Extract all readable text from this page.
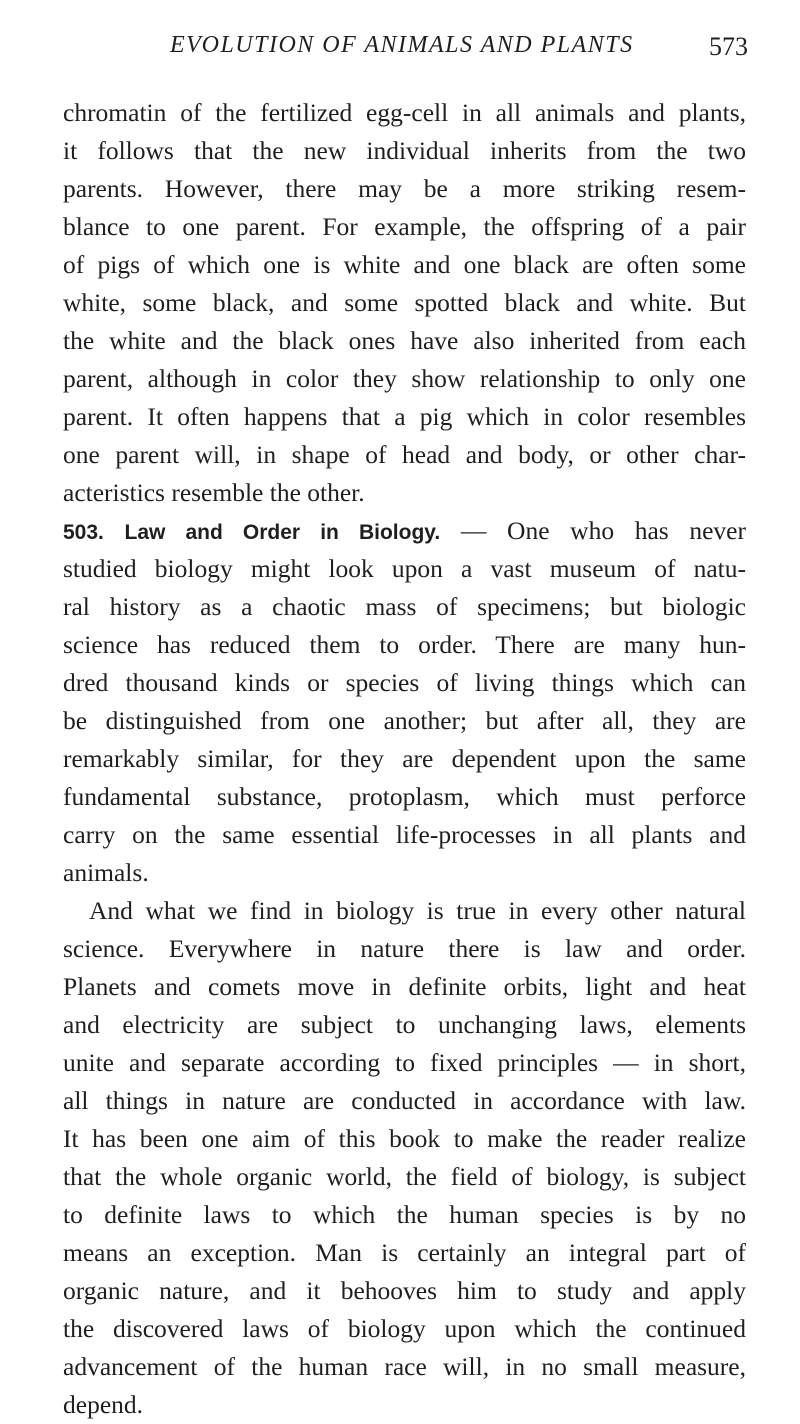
EVOLUTION OF ANIMALS AND PLANTS	573
chromatin of the fertilized egg-cell in all animals and plants,
it follows that the new individual inherits from the two
parents. However, there may be a more striking resem-
blance to one parent. For example, the offspring of a pair
of pigs of which one is white and one black are often some
white, some black, and some spotted black and white. But
the white and the black ones have also inherited from each
parent, although in color they show relationship to only one
parent. It often happens that a pig which in color resembles
one parent will, in shape of head and body, or other char-
acteristics resemble the other.
503. Law and Order in Biology. — One who has never
studied biology might look upon a vast museum of natu-
ral history as a chaotic mass of specimens; but biologic
science has reduced them to order. There are many hun-
dred thousand kinds or species of living things which can
be distinguished from one another; but after all, they are
remarkably similar, for they are dependent upon the same
fundamental substance, protoplasm, which must perforce
carry on the same essential life-processes in all plants and
animals.
And what we find in biology is true in every other natural
science. Everywhere in nature there is law and order.
Planets and comets move in definite orbits, light and heat
and electricity are subject to unchanging laws, elements
unite and separate according to fixed principles — in short,
all things in nature are conducted in accordance with law.
It has been one aim of this book to make the reader realize
that the whole organic world, the field of biology, is subject
to definite laws to which the human species is by no
means an exception. Man is certainly an integral part of
organic nature, and it behooves him to study and apply
the discovered laws of biology upon which the continued
advancement of the human race will, in no small measure,
depend.
